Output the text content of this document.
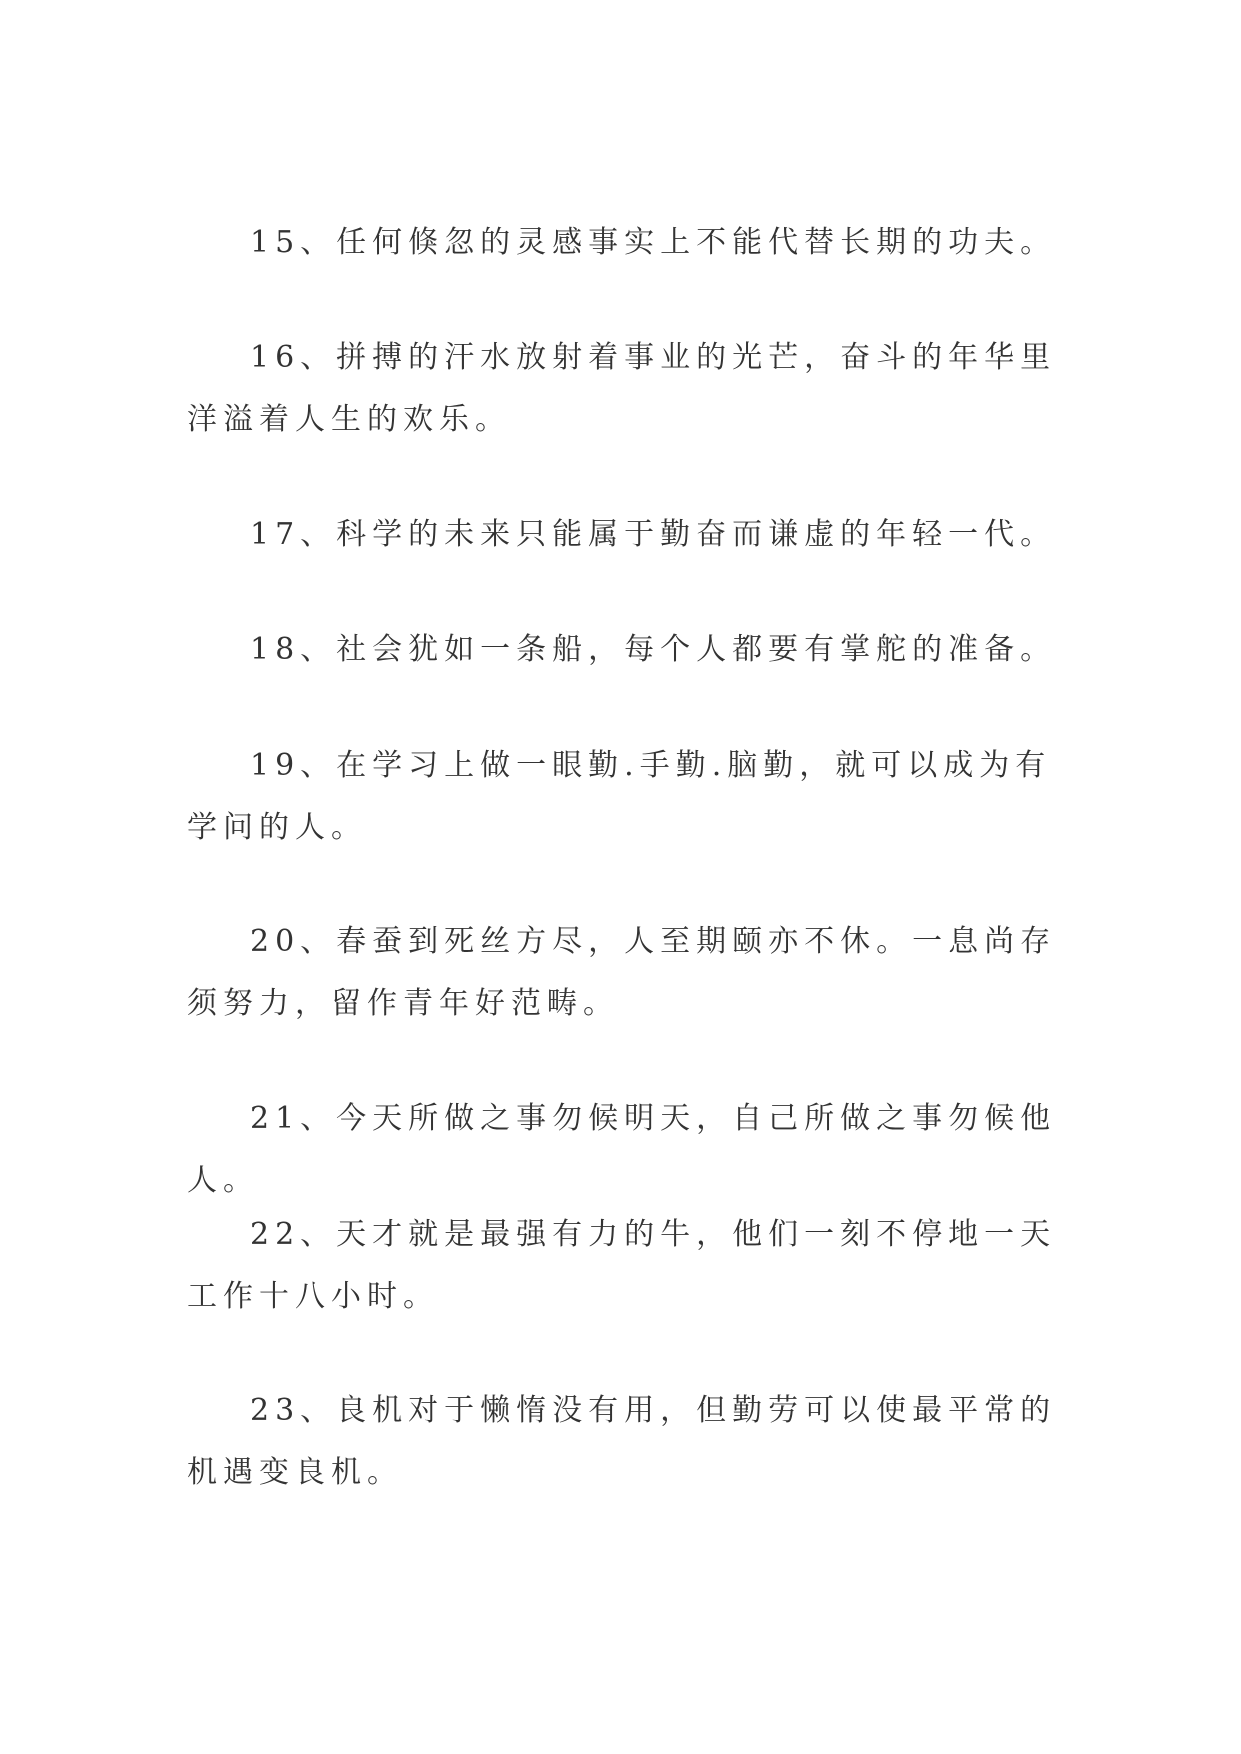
15、任何倏忽的灵感事实上不能代替长期的功夫。

16、拼搏的汗水放射着事业的光芒，奋斗的年华里洋溢着人生的欢乐。

17、科学的未来只能属于勤奋而谦虚的年轻一代。

18、社会犹如一条船，每个人都要有掌舵的准备。

19、在学习上做一眼勤.手勤.脑勤，就可以成为有学问的人。

20、春蚕到死丝方尽，人至期颐亦不休。一息尚存须努力，留作青年好范畴。

21、今天所做之事勿候明天，自己所做之事勿候他人。

22、天才就是最强有力的牛，他们一刻不停地一天工作十八小时。

23、良机对于懒惰没有用，但勤劳可以使最平常的机遇变良机。
